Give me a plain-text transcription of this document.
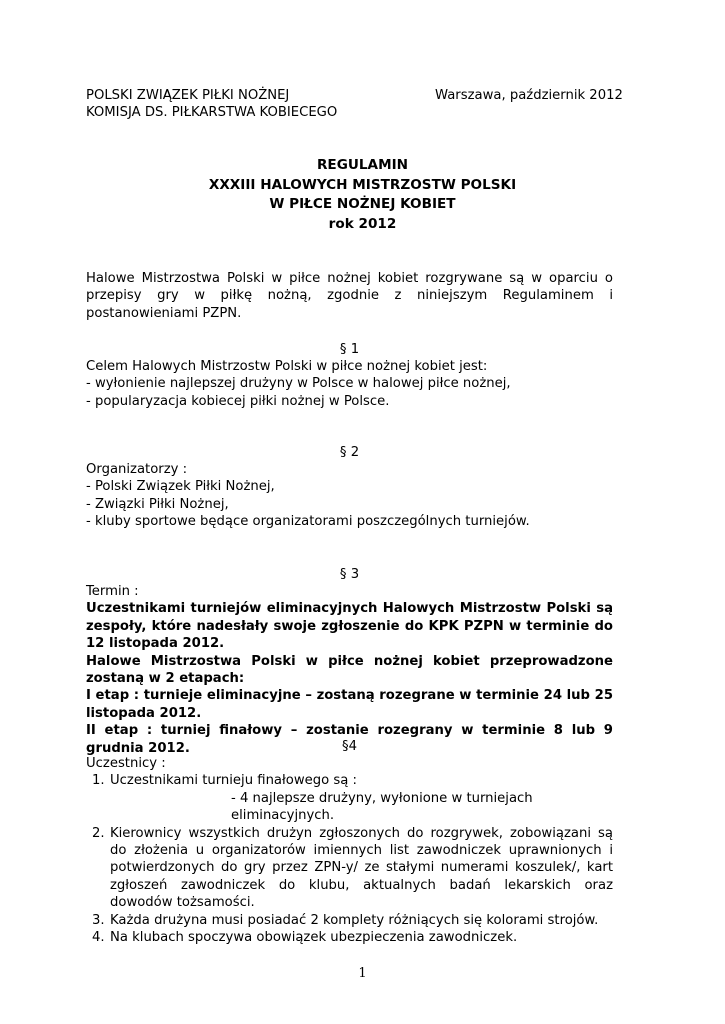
POLSKI ZWIĄZEK PIŁKI NOŻNEJ
KOMISJA DS. PIŁKARSTWA KOBIECEGO
Warszawa, październik 2012
REGULAMIN
XXXIII HALOWYCH MISTRZOSTW POLSKI
W PIŁCE NOŻNEJ KOBIET
rok 2012

Halowe Mistrzostwa Polski w piłce nożnej kobiet rozgrywane są w oparciu o przepisy gry w piłkę nożną, zgodnie z niniejszym Regulaminem i postanowieniami PZPN.

§ 1
Celem Halowych Mistrzostw Polski w piłce nożnej kobiet jest:
- wyłonienie najlepszej drużyny w Polsce w halowej piłce nożnej,
- popularyzacja kobiecej piłki nożnej w Polsce.
§ 2
Organizatorzy :
- Polski Związek Piłki Nożnej,
- Związki Piłki Nożnej,
- kluby sportowe będące organizatorami poszczególnych turniejów.
§ 3
Termin :

Uczestnikami turniejów eliminacyjnych Halowych Mistrzostw Polski są zespoły, które nadesłały swoje zgłoszenie do KPK PZPN w terminie do 12 listopada 2012.

Halowe Mistrzostwa Polski w piłce nożnej kobiet przeprowadzone zostaną w 2 etapach:

I etap : turnieje eliminacyjne – zostaną rozegrane w terminie 24 lub 25 listopada 2012.

II etap : turniej finałowy – zostanie rozegrany w terminie 8 lub 9 grudnia 2012.	§4
Uczestnicy :
1. Uczestnikami turnieju finałowego są :
- 4 najlepsze drużyny, wyłonione w turniejach eliminacyjnych.
2. Kierownicy wszystkich drużyn zgłoszonych do rozgrywek, zobowiązani są do złożenia u organizatorów imiennych list zawodniczek uprawnionych i potwierdzonych do gry przez ZPN-y/ ze stałymi numerami koszulek/, kart zgłoszeń zawodniczek do klubu, aktualnych badań lekarskich oraz dowodów tożsamości.
3. Każda drużyna musi posiadać 2 komplety różniących się kolorami strojów.
4. Na klubach spoczywa obowiązek ubezpieczenia zawodniczek.
1
